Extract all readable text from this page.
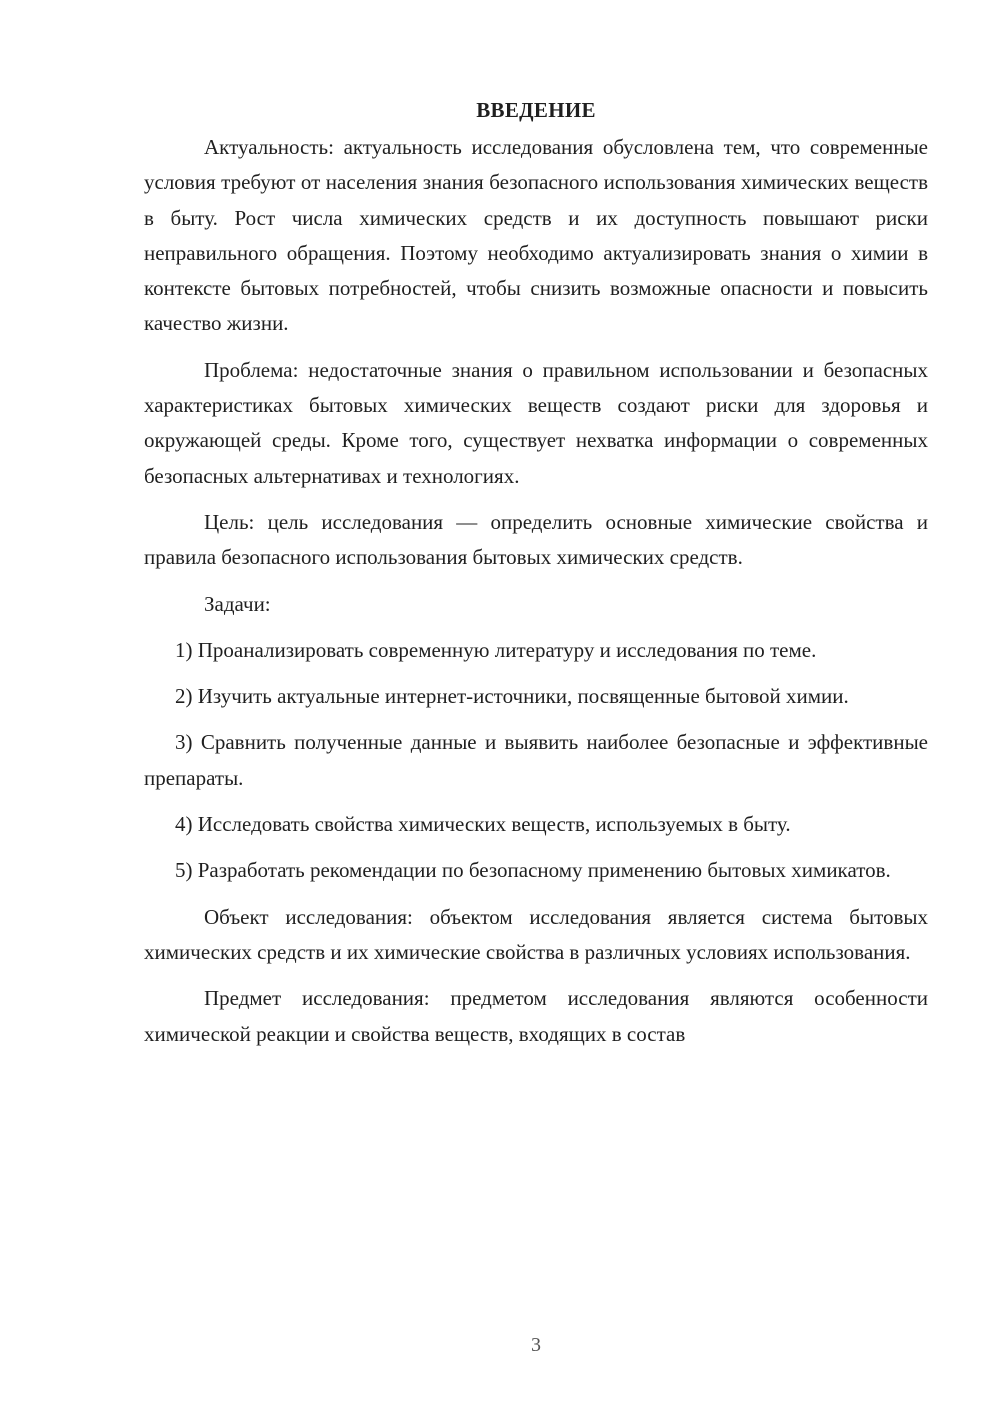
ВВЕДЕНИЕ

Актуальность: актуальность исследования обусловлена тем, что современные условия требуют от населения знания безопасного использования химических веществ в быту. Рост числа химических средств и их доступность повышают риски неправильного обращения. Поэтому необходимо актуализировать знания о химии в контексте бытовых потребностей, чтобы снизить возможные опасности и повысить качество жизни.

Проблема: недостаточные знания о правильном использовании и безопасных характеристиках бытовых химических веществ создают риски для здоровья и окружающей среды. Кроме того, существует нехватка информации о современных безопасных альтернативах и технологиях.

Цель: цель исследования — определить основные химические свойства и правила безопасного использования бытовых химических средств.

Задачи:

1) Проанализировать современную литературу и исследования по теме.

2) Изучить актуальные интернет-источники, посвященные бытовой химии.

3) Сравнить полученные данные и выявить наиболее безопасные и эффективные препараты.

4) Исследовать свойства химических веществ, используемых в быту.

5) Разработать рекомендации по безопасному применению бытовых химикатов.

Объект исследования: объектом исследования является система бытовых химических средств и их химические свойства в различных условиях использования.

Предмет исследования: предметом исследования являются особенности химической реакции и свойства веществ, входящих в состав

3
